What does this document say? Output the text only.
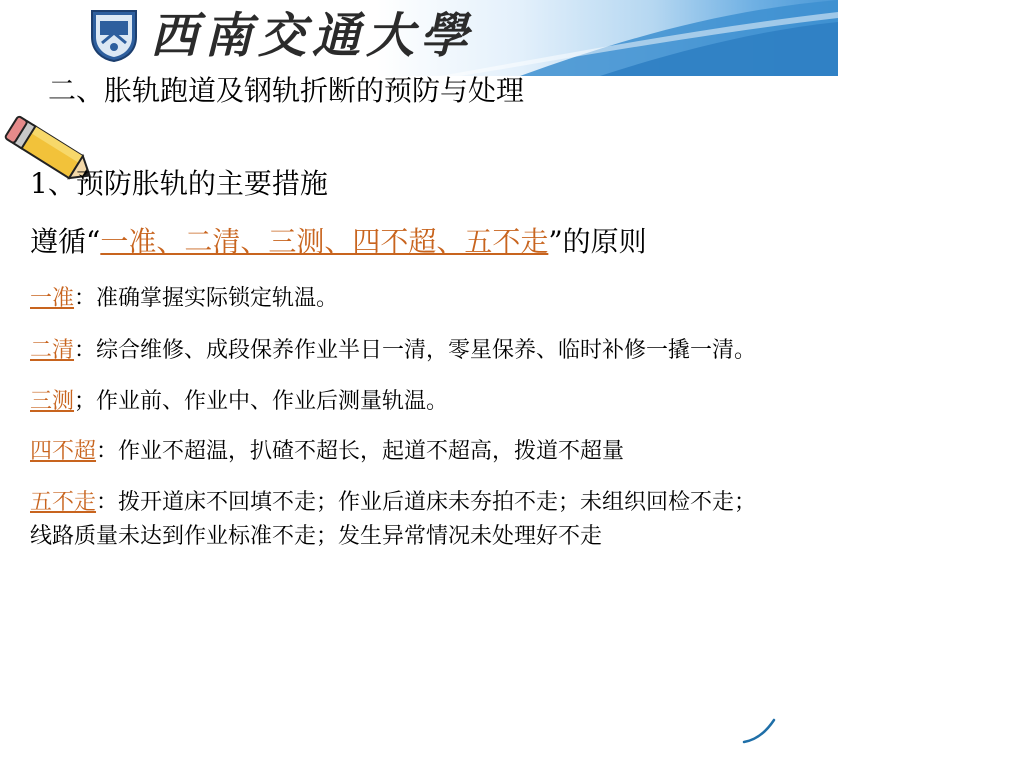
西南交通大學
二、胀轨跑道及钢轨折断的预防与处理
1、预防胀轨的主要措施
遵循“一准、二清、三测、四不超、五不走”的原则
一准：准确掌握实际锁定轨温。
二清：综合维修、成段保养作业半日一清，零星保养、临时补修一撬一清。
三测；作业前、作业中、作业后测量轨温。
四不超：作业不超温，扒碴不超长，起道不超高，拨道不超量
五不走：拨开道床不回填不走；作业后道床未夯拍不走；未组织回检不走；
线路质量未达到作业标准不走；发生异常情况未处理好不走
